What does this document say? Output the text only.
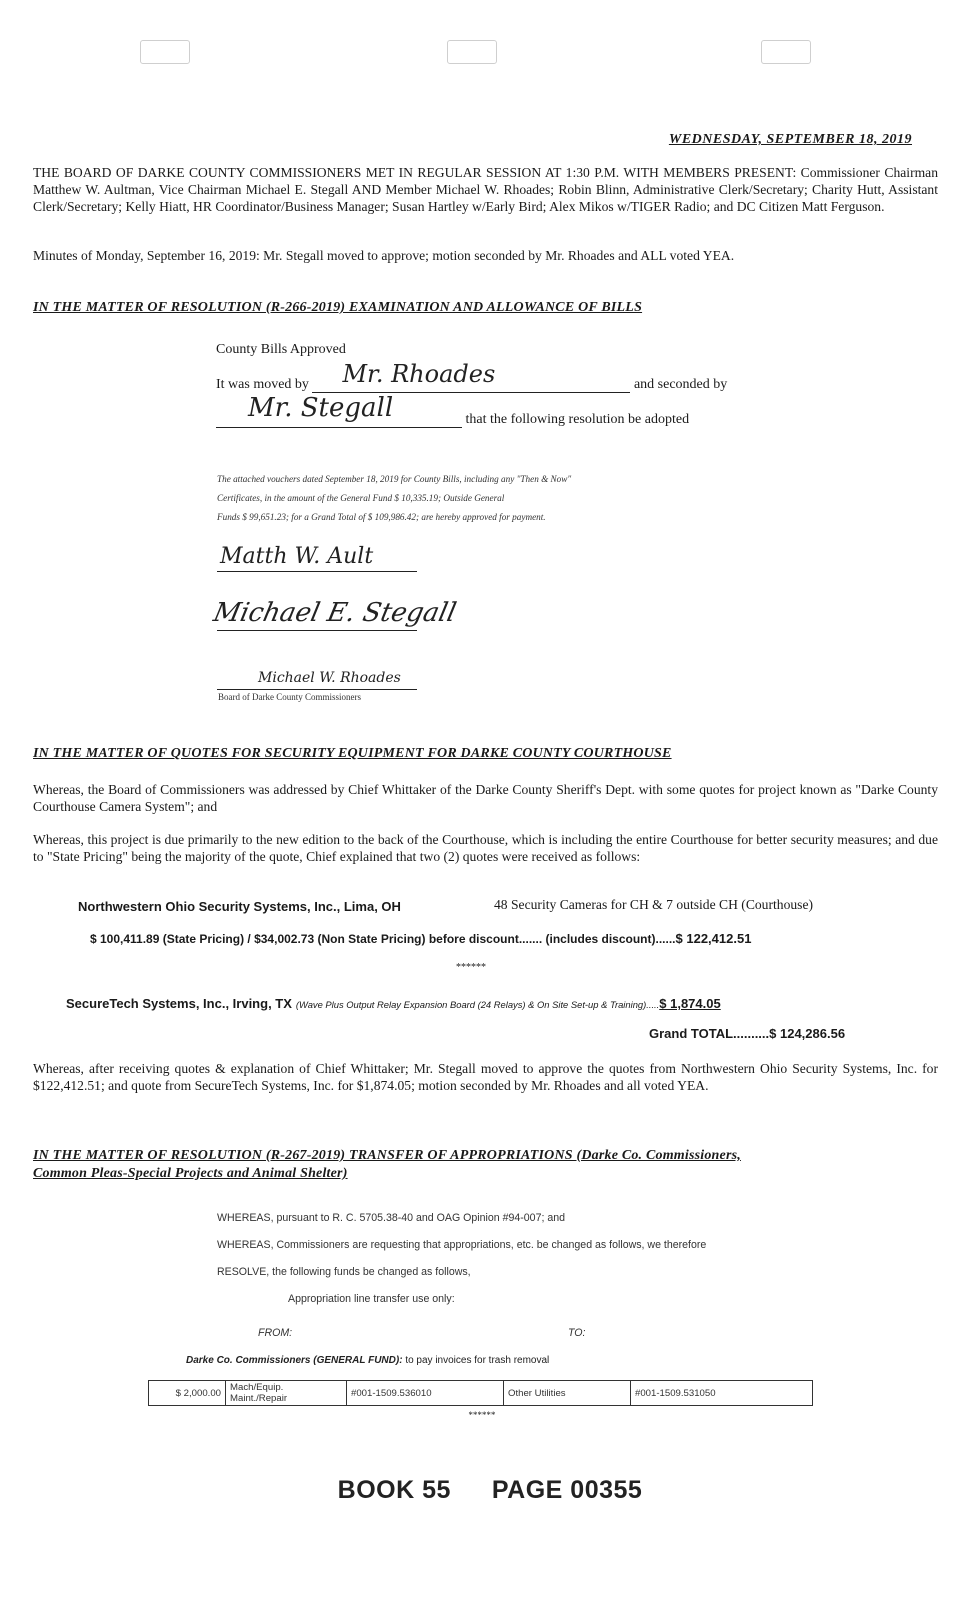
WEDNESDAY, SEPTEMBER 18, 2019
THE BOARD OF DARKE COUNTY COMMISSIONERS MET IN REGULAR SESSION AT 1:30 P.M. WITH MEMBERS PRESENT: Commissioner Chairman Matthew W. Aultman, Vice Chairman Michael E. Stegall AND Member Michael W. Rhoades; Robin Blinn, Administrative Clerk/Secretary; Charity Hutt, Assistant Clerk/Secretary; Kelly Hiatt, HR Coordinator/Business Manager; Susan Hartley w/Early Bird; Alex Mikos w/TIGER Radio; and DC Citizen Matt Ferguson.
Minutes of Monday, September 16, 2019: Mr. Stegall moved to approve; motion seconded by Mr. Rhoades and ALL voted YEA.
IN THE MATTER OF RESOLUTION (R-266-2019) EXAMINATION AND ALLOWANCE OF BILLS
County Bills Approved
It was moved by Mr. Rhoades	and seconded by
Mr. Stegall	that the following resolution be adopted
The attached vouchers dated September 18, 2019 for County Bills, including any "Then & Now"
Certificates, in the amount of the General Fund $ 10,335.19; Outside General
Funds $ 99,651.23; for a Grand Total of $ 109,986.42; are hereby approved for payment.
Matth W. Ault
Michael E. Stegall
Michael W. Rhoades
Board of Darke County Commissioners
IN THE MATTER OF QUOTES FOR SECURITY EQUIPMENT FOR DARKE COUNTY COURTHOUSE
Whereas, the Board of Commissioners was addressed by Chief Whittaker of the Darke County Sheriff's Dept. with some quotes for project known as "Darke County Courthouse Camera System"; and
Whereas, this project is due primarily to the new edition to the back of the Courthouse, which is including the entire Courthouse for better security measures; and due to "State Pricing" being the majority of the quote, Chief explained that two (2) quotes were received as follows:
Northwestern Ohio Security Systems, Inc., Lima, OH	48 Security Cameras for CH & 7 outside CH (Courthouse)
$ 100,411.89 (State Pricing) / $34,002.73 (Non State Pricing) before discount....... (includes discount)......$ 122,412.51
******
SecureTech Systems, Inc., Irving, TX (Wave Plus Output Relay Expansion Board (24 Relays) & On Site Set-up & Training).....$ 1,874.05
Grand TOTAL..........$ 124,286.56
Whereas, after receiving quotes & explanation of Chief Whittaker; Mr. Stegall moved to approve the quotes from Northwestern Ohio Security Systems, Inc. for $122,412.51; and quote from SecureTech Systems, Inc. for $1,874.05; motion seconded by Mr. Rhoades and all voted YEA.
IN THE MATTER OF RESOLUTION (R-267-2019) TRANSFER OF APPROPRIATIONS (Darke Co. Commissioners,
Common Pleas-Special Projects and Animal Shelter)
WHEREAS, pursuant to R. C. 5705.38-40 and OAG Opinion #94-007; and
WHEREAS, Commissioners are requesting that appropriations, etc. be changed as follows, we therefore
RESOLVE, the following funds be changed as follows,
Appropriation line transfer use only:
FROM:	TO:
Darke Co. Commissioners (GENERAL FUND): to pay invoices for trash removal
$ 2,000.00	Mach/Equip. Maint./Repair	#001-1509.536010	Other Utilities	#001-1509.531050
******
BOOK 55 PAGE 00355
